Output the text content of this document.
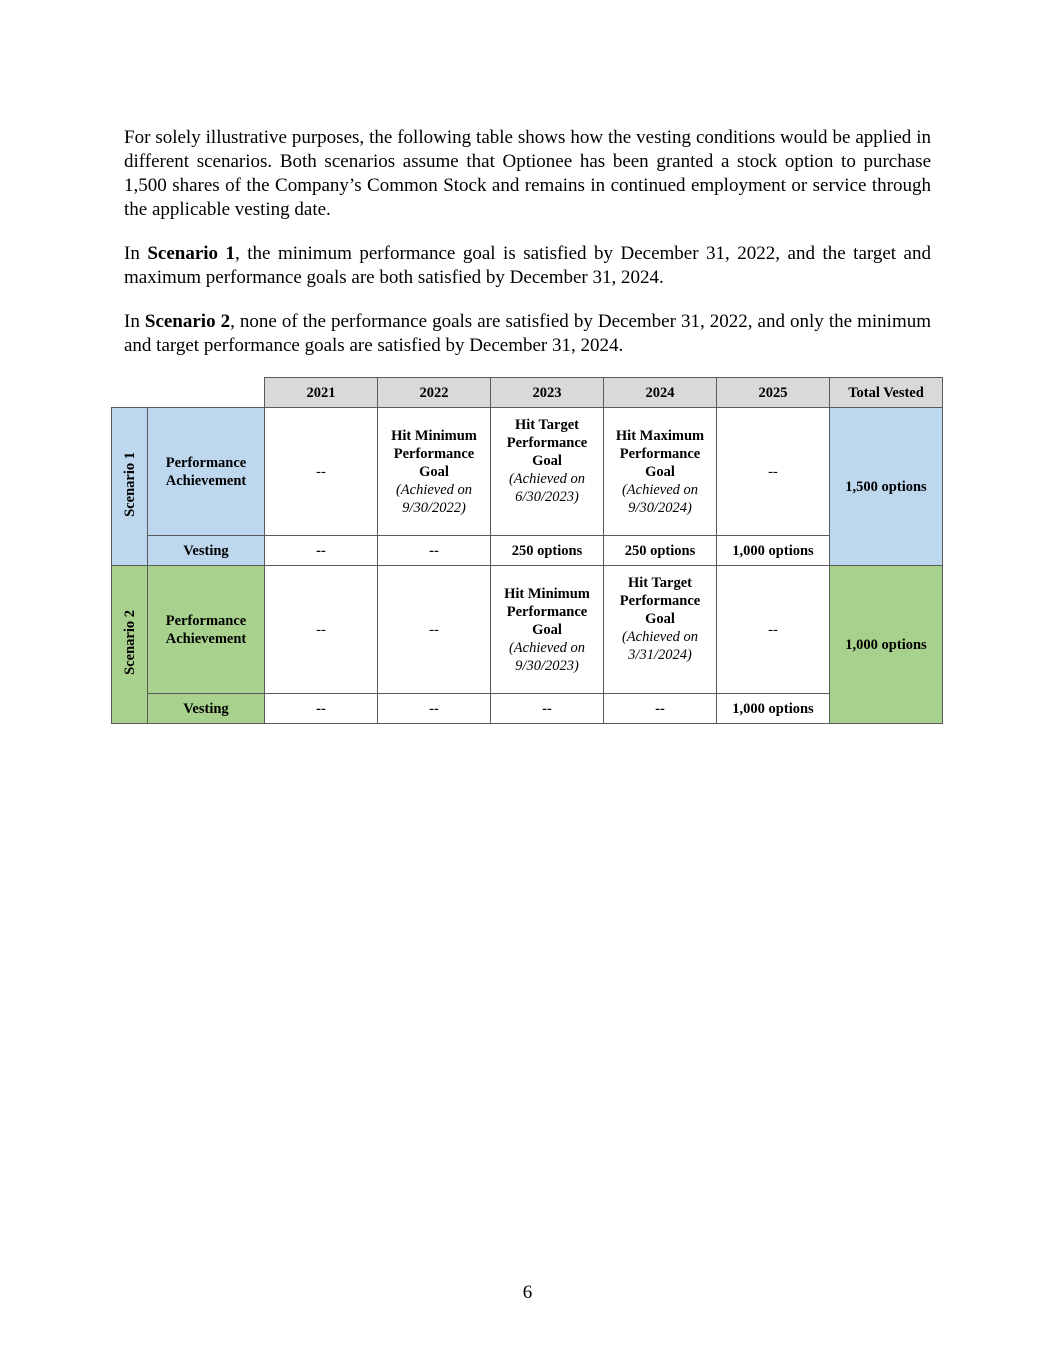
For solely illustrative purposes, the following table shows how the vesting conditions would be applied in different scenarios. Both scenarios assume that Optionee has been granted a stock option to purchase 1,500 shares of the Company’s Common Stock and remains in continued employment or service through the applicable vesting date.

In Scenario 1, the minimum performance goal is satisfied by December 31, 2022, and the target and maximum performance goals are both satisfied by December 31, 2024.

In Scenario 2, none of the performance goals are satisfied by December 31, 2022, and only the minimum and target performance goals are satisfied by December 31, 2024.

		2021	2022	2023	2024	2025	Total Vested
Scenario 1	Performance Achievement	--	Hit Minimum Performance Goal
(Achieved on 9/30/2022)	Hit Target Performance Goal
(Achieved on 6/30/2023)	Hit Maximum Performance Goal
(Achieved on 9/30/2024)	--	1,500 options
	Vesting	--	--	250 options	250 options	1,000 options	
Scenario 2	Performance Achievement	--	--	Hit Minimum Performance Goal
(Achieved on 9/30/2023)	Hit Target Performance Goal
(Achieved on 3/31/2024)	--	1,000 options
	Vesting	--	--	--	--	1,000 options	
6
